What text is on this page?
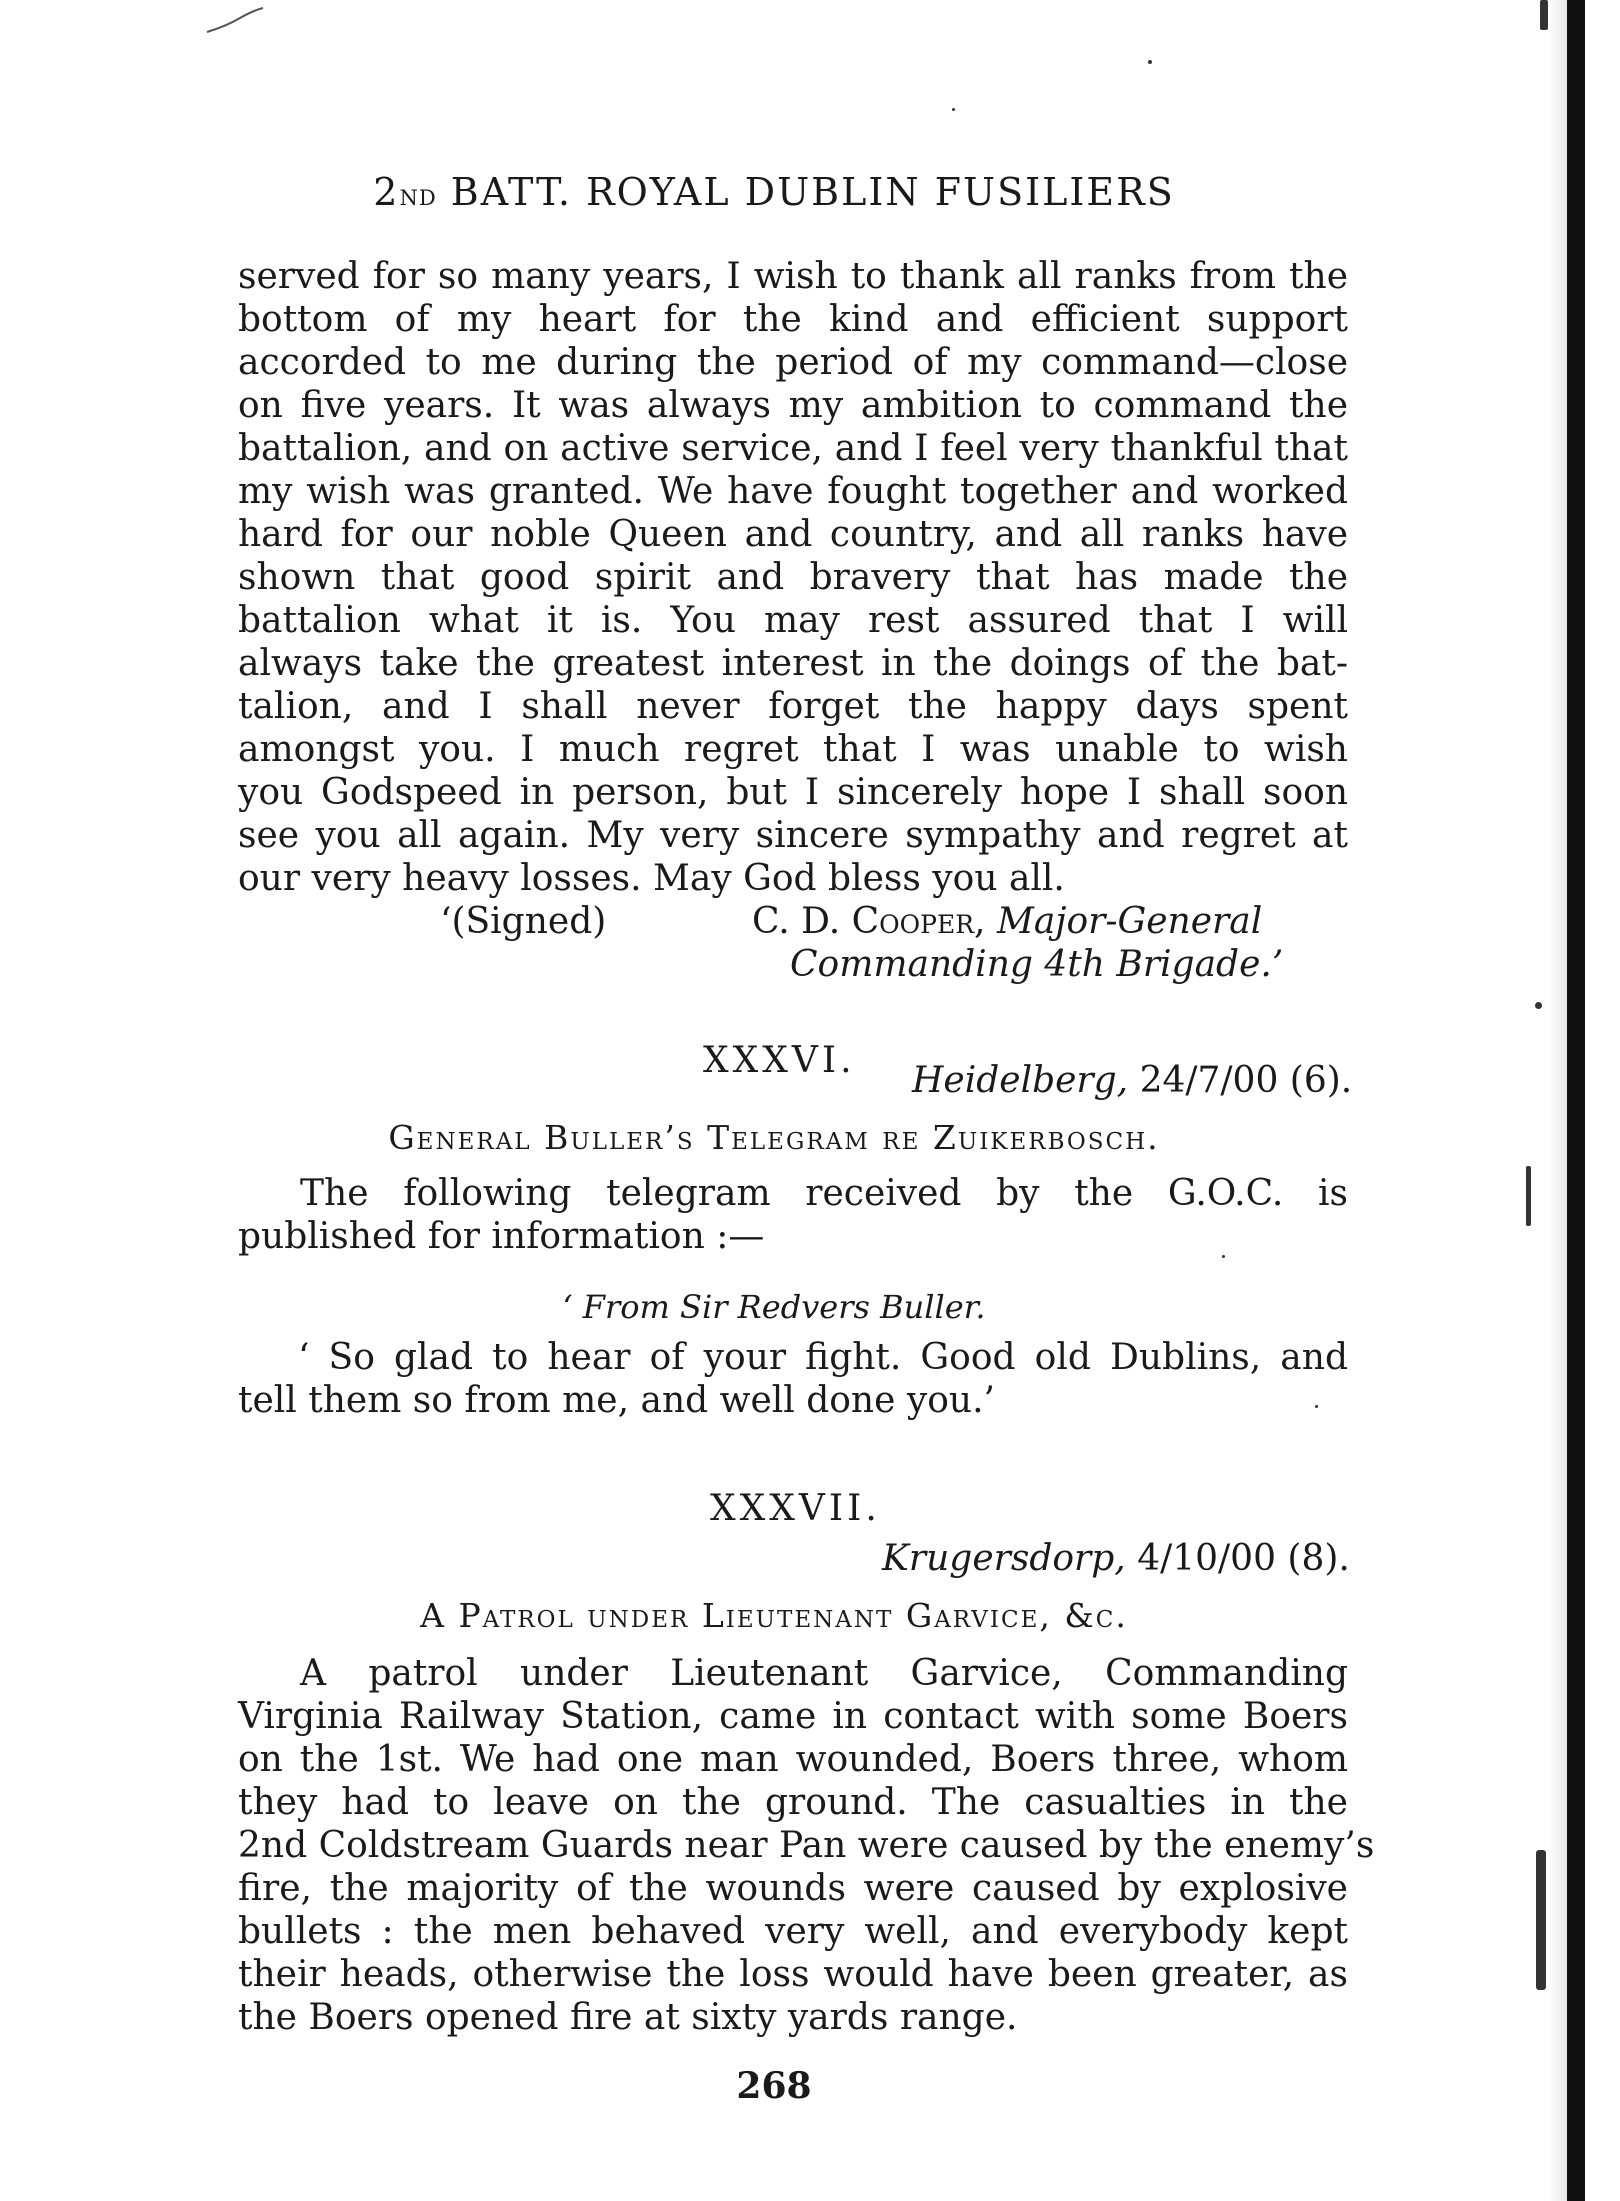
2nd BATT. ROYAL DUBLIN FUSILIERS
served for so many years, I wish to thank all ranks from the
bottom of my heart for the kind and efficient support
accorded to me during the period of my command—close
on five years. It was always my ambition to command the
battalion, and on active service, and I feel very thankful that
my wish was granted. We have fought together and worked
hard for our noble Queen and country, and all ranks have
shown that good spirit and bravery that has made the
battalion what it is. You may rest assured that I will
always take the greatest interest in the doings of the bat-
talion, and I shall never forget the happy days spent
amongst you. I much regret that I was unable to wish
you Godspeed in person, but I sincerely hope I shall soon
see you all again. My very sincere sympathy and regret at
our very heavy losses. May God bless you all.
‘(Signed)	C. D. Cooper, Major-General
Commanding 4th Brigade.’
XXXVI. Heidelberg, 24/7/00 (6).
General Buller’s Telegram re Zuikerbosch.
The following telegram received by the G.O.C. is
published for information :—
‘ From Sir Redvers Buller.
‘ So glad to hear of your fight. Good old Dublins, and
tell them so from me, and well done you.’
XXXVII.
Krugersdorp, 4/10/00 (8).
A Patrol under Lieutenant Garvice, &c.
A patrol under Lieutenant Garvice, Commanding
Virginia Railway Station, came in contact with some Boers
on the 1st. We had one man wounded, Boers three, whom
they had to leave on the ground. The casualties in the
2nd Coldstream Guards near Pan were caused by the enemy’s
fire, the majority of the wounds were caused by explosive
bullets : the men behaved very well, and everybody kept
their heads, otherwise the loss would have been greater, as
the Boers opened fire at sixty yards range.
268
